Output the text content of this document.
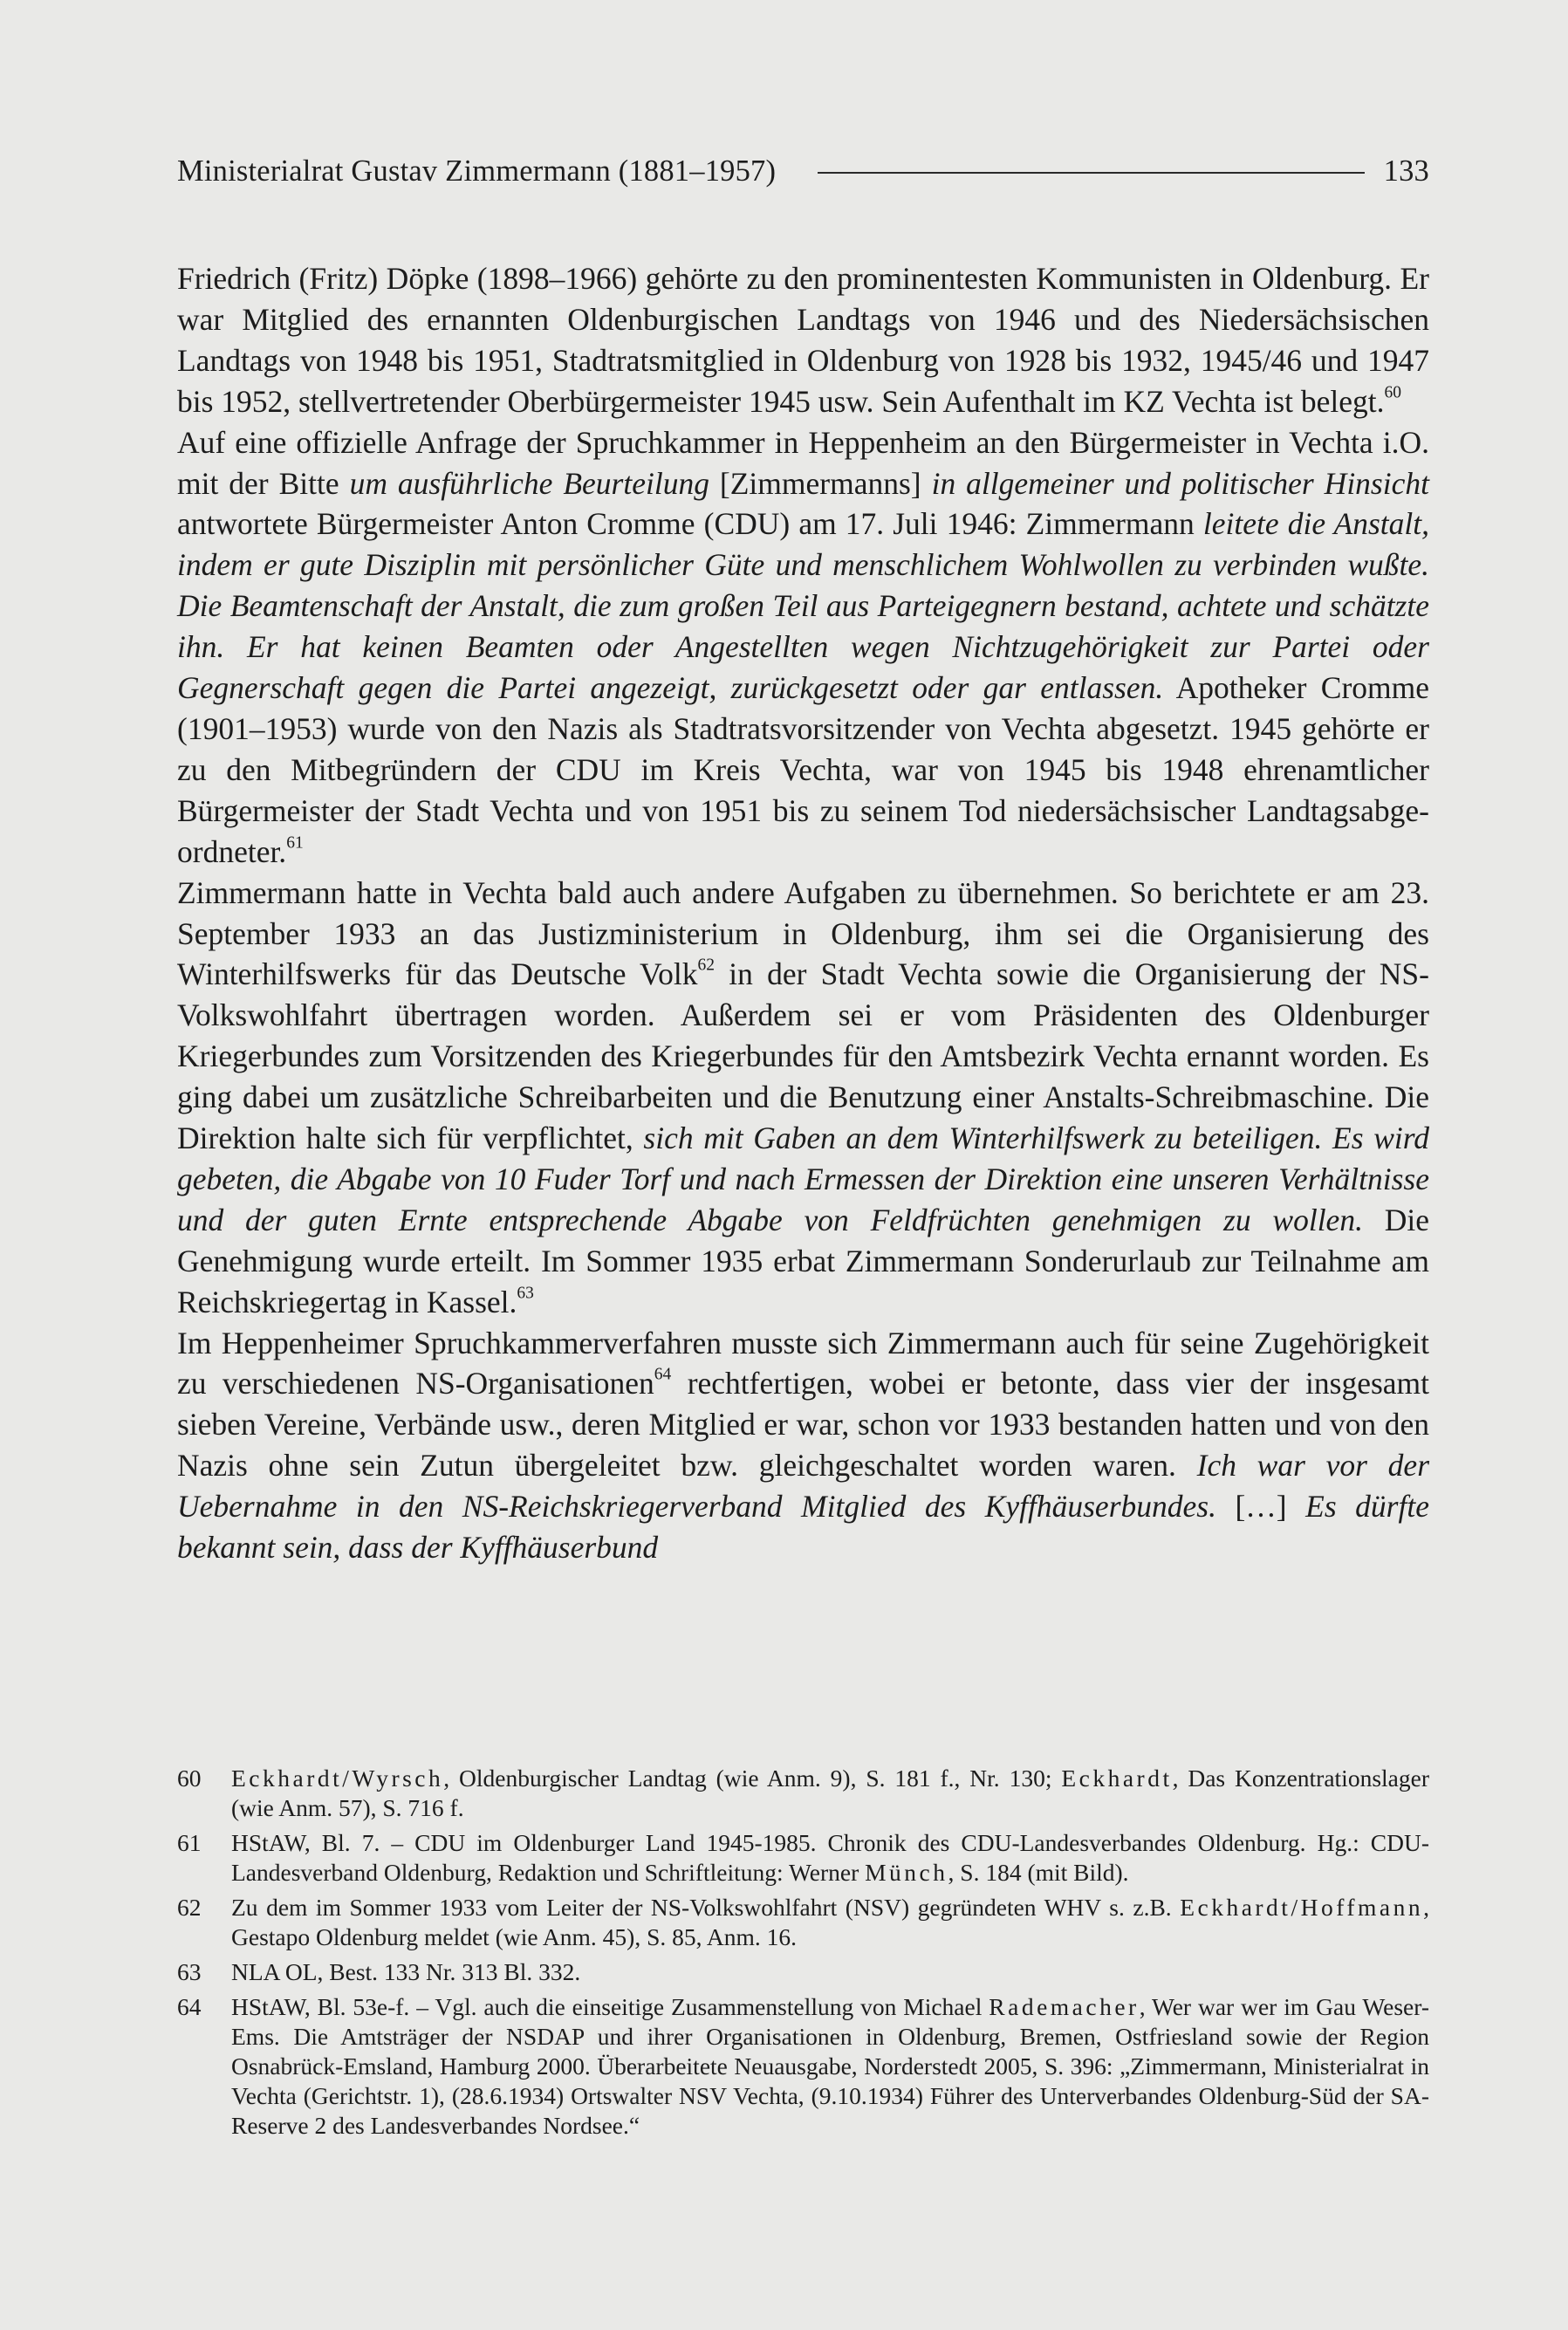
Ministerialrat Gustav Zimmermann (1881–1957)	133

Friedrich (Fritz) Döpke (1898–1966) gehörte zu den prominentesten Kommunisten in Oldenburg. Er war Mitglied des ernannten Oldenburgischen Landtags von 1946 und des Niedersächsischen Landtags von 1948 bis 1951, Stadtratsmitglied in Oldenburg von 1928 bis 1932, 1945/46 und 1947 bis 1952, stellvertretender Oberbürgermeister 1945 usw. Sein Aufenthalt im KZ Vechta ist belegt.$^{60}$

Auf eine offizielle Anfrage der Spruchkammer in Heppenheim an den Bürgermeister in Vechta i.O. mit der Bitte um ausführliche Beurteilung [Zimmermanns] in allgemeiner und politischer Hinsicht antwortete Bürgermeister Anton Cromme (CDU) am 17. Juli 1946: Zimmermann leitete die Anstalt, indem er gute Disziplin mit persönlicher Güte und menschlichem Wohlwollen zu verbinden wußte. Die Beamtenschaft der Anstalt, die zum großen Teil aus Parteigegnern bestand, achtete und schätzte ihn. Er hat keinen Beamten oder Angestellten wegen Nichtzugehörigkeit zur Partei oder Gegnerschaft gegen die Partei angezeigt, zurückgesetzt oder gar entlassen. Apotheker Cromme (1901–1953) wurde von den Nazis als Stadtratsvorsitzender von Vechta abgesetzt. 1945 gehörte er zu den Mitbegründern der CDU im Kreis Vechta, war von 1945 bis 1948 ehrenamtlicher Bürgermeister der Stadt Vechta und von 1951 bis zu seinem Tod niedersächsischer Landtagsabgeordneter.$^{61}$

Zimmermann hatte in Vechta bald auch andere Aufgaben zu übernehmen. So berichtete er am 23. September 1933 an das Justizministerium in Oldenburg, ihm sei die Organisierung des Winterhilfswerks für das Deutsche Volk$^{62}$ in der Stadt Vechta sowie die Organisierung der NS-Volkswohlfahrt übertragen worden. Außerdem sei er vom Präsidenten des Oldenburger Kriegerbundes zum Vorsitzenden des Kriegerbundes für den Amtsbezirk Vechta ernannt worden. Es ging dabei um zusätzliche Schreibarbeiten und die Benutzung einer Anstalts-Schreibmaschine. Die Direktion halte sich für verpflichtet, sich mit Gaben an dem Winterhilfswerk zu beteiligen. Es wird gebeten, die Abgabe von 10 Fuder Torf und nach Ermessen der Direktion eine unseren Verhältnisse und der guten Ernte entsprechende Abgabe von Feldfrüchten genehmigen zu wollen. Die Genehmigung wurde erteilt. Im Sommer 1935 erbat Zimmermann Sonderurlaub zur Teilnahme am Reichskriegertag in Kassel.$^{63}$

Im Heppenheimer Spruchkammerverfahren musste sich Zimmermann auch für seine Zugehörigkeit zu verschiedenen NS-Organisationen$^{64}$ rechtfertigen, wobei er betonte, dass vier der insgesamt sieben Vereine, Verbände usw., deren Mitglied er war, schon vor 1933 bestanden hatten und von den Nazis ohne sein Zutun übergeleitet bzw. gleichgeschaltet worden waren. Ich war vor der Uebernahme in den NS-Reichskriegerverband Mitglied des Kyffhäuserbundes. […] Es dürfte bekannt sein, dass der Kyffhäuserbund

60	Eckhardt/Wyrsch, Oldenburgischer Landtag (wie Anm. 9), S. 181 f., Nr. 130; Eckhardt, Das Konzentrationslager (wie Anm. 57), S. 716 f.
61	HStAW, Bl. 7. – CDU im Oldenburger Land 1945-1985. Chronik des CDU-Landesverbandes Oldenburg. Hg.: CDU-Landesverband Oldenburg, Redaktion und Schriftleitung: Werner Münch, S. 184 (mit Bild).
62	Zu dem im Sommer 1933 vom Leiter der NS-Volkswohlfahrt (NSV) gegründeten WHV s. z.B. Eckhardt/Hoffmann, Gestapo Oldenburg meldet (wie Anm. 45), S. 85, Anm. 16.
63	NLA OL, Best. 133 Nr. 313 Bl. 332.
64	HStAW, Bl. 53e-f. – Vgl. auch die einseitige Zusammenstellung von Michael Rademacher, Wer war wer im Gau Weser-Ems. Die Amtsträger der NSDAP und ihrer Organisationen in Oldenburg, Bremen, Ostfriesland sowie der Region Osnabrück-Emsland, Hamburg 2000. Überarbeitete Neuausgabe, Norderstedt 2005, S. 396: „Zimmermann, Ministerialrat in Vechta (Gerichtstr. 1), (28.6.1934) Ortswalter NSV Vechta, (9.10.1934) Führer des Unterverbandes Oldenburg-Süd der SA-Reserve 2 des Landesverbandes Nordsee.“
